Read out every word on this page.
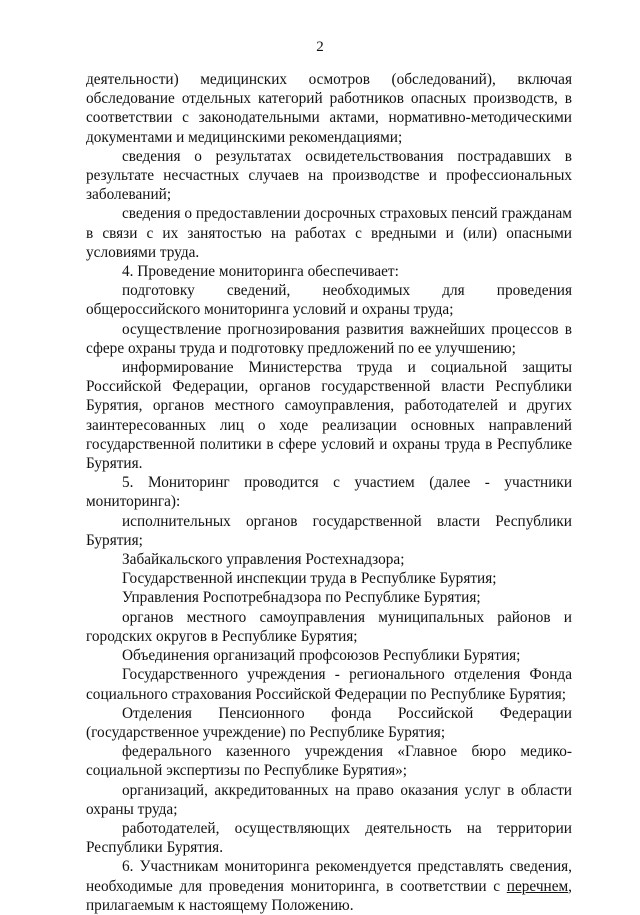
2

деятельности) медицинских осмотров (обследований), включая обследование отдельных категорий работников опасных производств, в соответствии с законодательными актами, нормативно-методическими документами и медицинскими рекомендациями;

сведения о результатах освидетельствования пострадавших в результате несчастных случаев на производстве и профессиональных заболеваний;

сведения о предоставлении досрочных страховых пенсий гражданам в связи с их занятостью на работах с вредными и (или) опасными условиями труда.

4. Проведение мониторинга обеспечивает:

подготовку сведений, необходимых для проведения общероссийского мониторинга условий и охраны труда;

осуществление прогнозирования развития важнейших процессов в сфере охраны труда и подготовку предложений по ее улучшению;

информирование Министерства труда и социальной защиты Российской Федерации, органов государственной власти Республики Бурятия, органов местного самоуправления, работодателей и других заинтересованных лиц о ходе реализации основных направлений государственной политики в сфере условий и охраны труда в Республике Бурятия.

5. Мониторинг проводится с участием (далее - участники мониторинга):

исполнительных органов государственной власти Республики Бурятия;

Забайкальского управления Ростехнадзора;

Государственной инспекции труда в Республике Бурятия;

Управления Роспотребнадзора по Республике Бурятия;

органов местного самоуправления муниципальных районов и городских округов в Республике Бурятия;

Объединения организаций профсоюзов Республики Бурятия;

Государственного учреждения - регионального отделения Фонда социального страхования Российской Федерации по Республике Бурятия;

Отделения Пенсионного фонда Российской Федерации (государственное учреждение) по Республике Бурятия;

федерального казенного учреждения «Главное бюро медико-социальной экспертизы по Республике Бурятия»;

организаций, аккредитованных на право оказания услуг в области охраны труда;

работодателей, осуществляющих деятельность на территории Республики Бурятия.

6. Участникам мониторинга рекомендуется представлять сведения, необходимые для проведения мониторинга, в соответствии с перечнем, прилагаемым к настоящему Положению.
